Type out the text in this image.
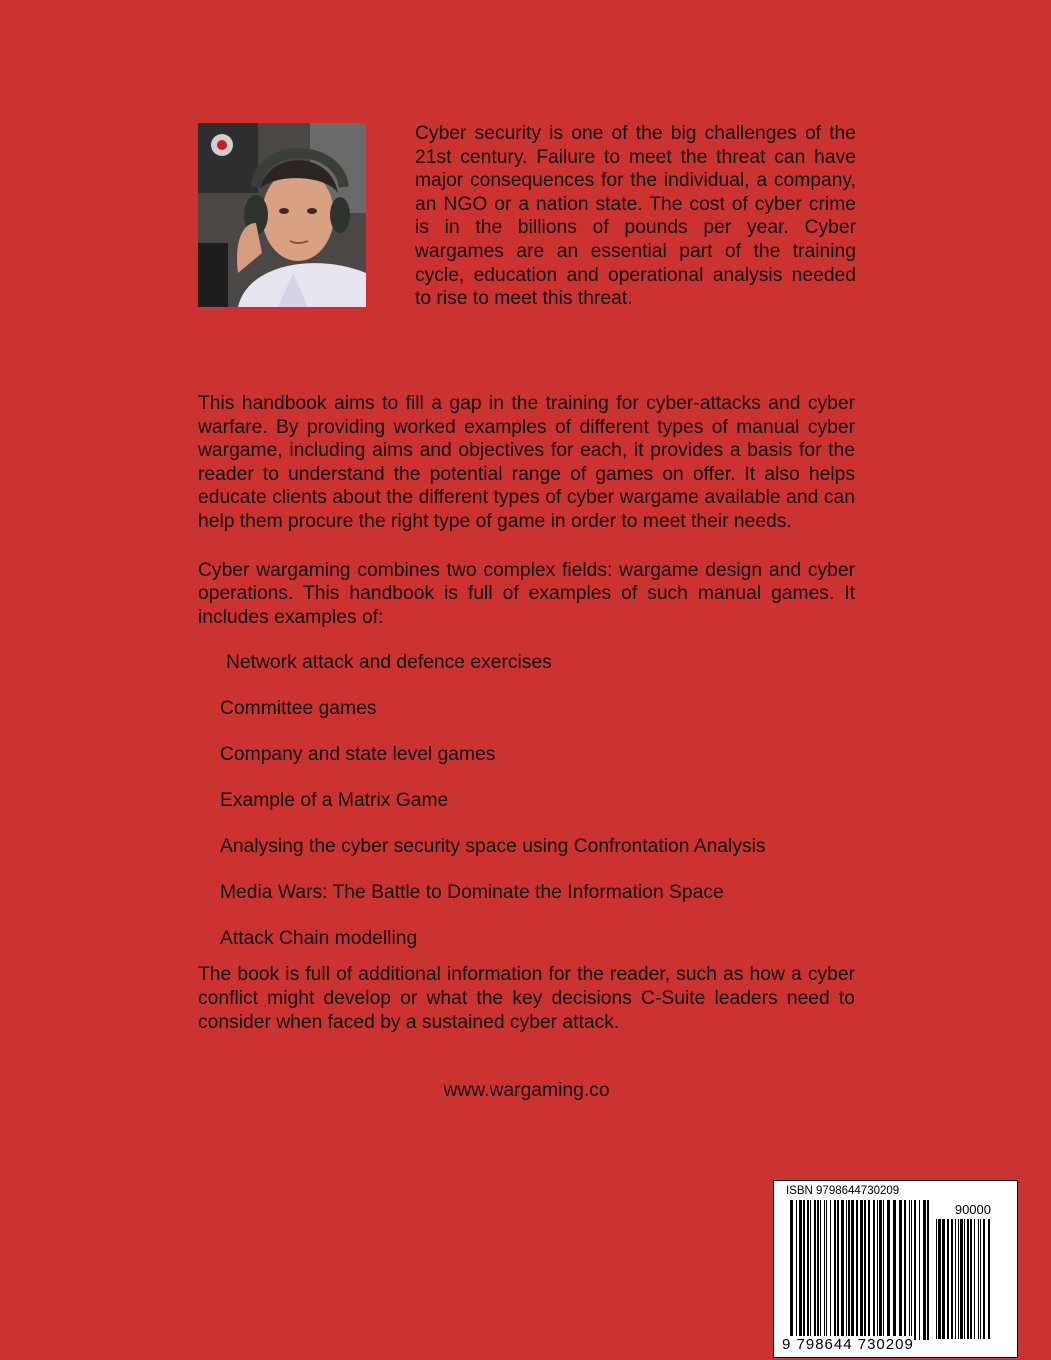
Cyber security is one of the big challenges of the 21st century. Failure to meet the threat can have major consequences for the individual, a company, an NGO or a nation state. The cost of cyber crime is in the billions of pounds per year. Cyber wargames are an essential part of the training cycle, education and operational analysis needed to rise to meet this threat.

This handbook aims to fill a gap in the training for cyber-attacks and cyber warfare. By providing worked examples of different types of manual cyber wargame, including aims and objectives for each, it provides a basis for the reader to understand the potential range of games on offer. It also helps educate clients about the different types of cyber wargame available and can help them procure the right type of game in order to meet their needs.

Cyber wargaming combines two complex fields: wargame design and cyber operations. This handbook is full of examples of such manual games. It includes examples of:

Network attack and defence exercises
Committee games
Company and state level games
Example of a Matrix Game
Analysing the cyber security space using Confrontation Analysis
Media Wars: The Battle to Dominate the Information Space
Attack Chain modelling

The book is full of additional information for the reader, such as how a cyber conflict might develop or what the key decisions C-Suite leaders need to consider when faced by a sustained cyber attack.

www.wargaming.co
ISBN 9798644730209
90000
9 798644 730209
